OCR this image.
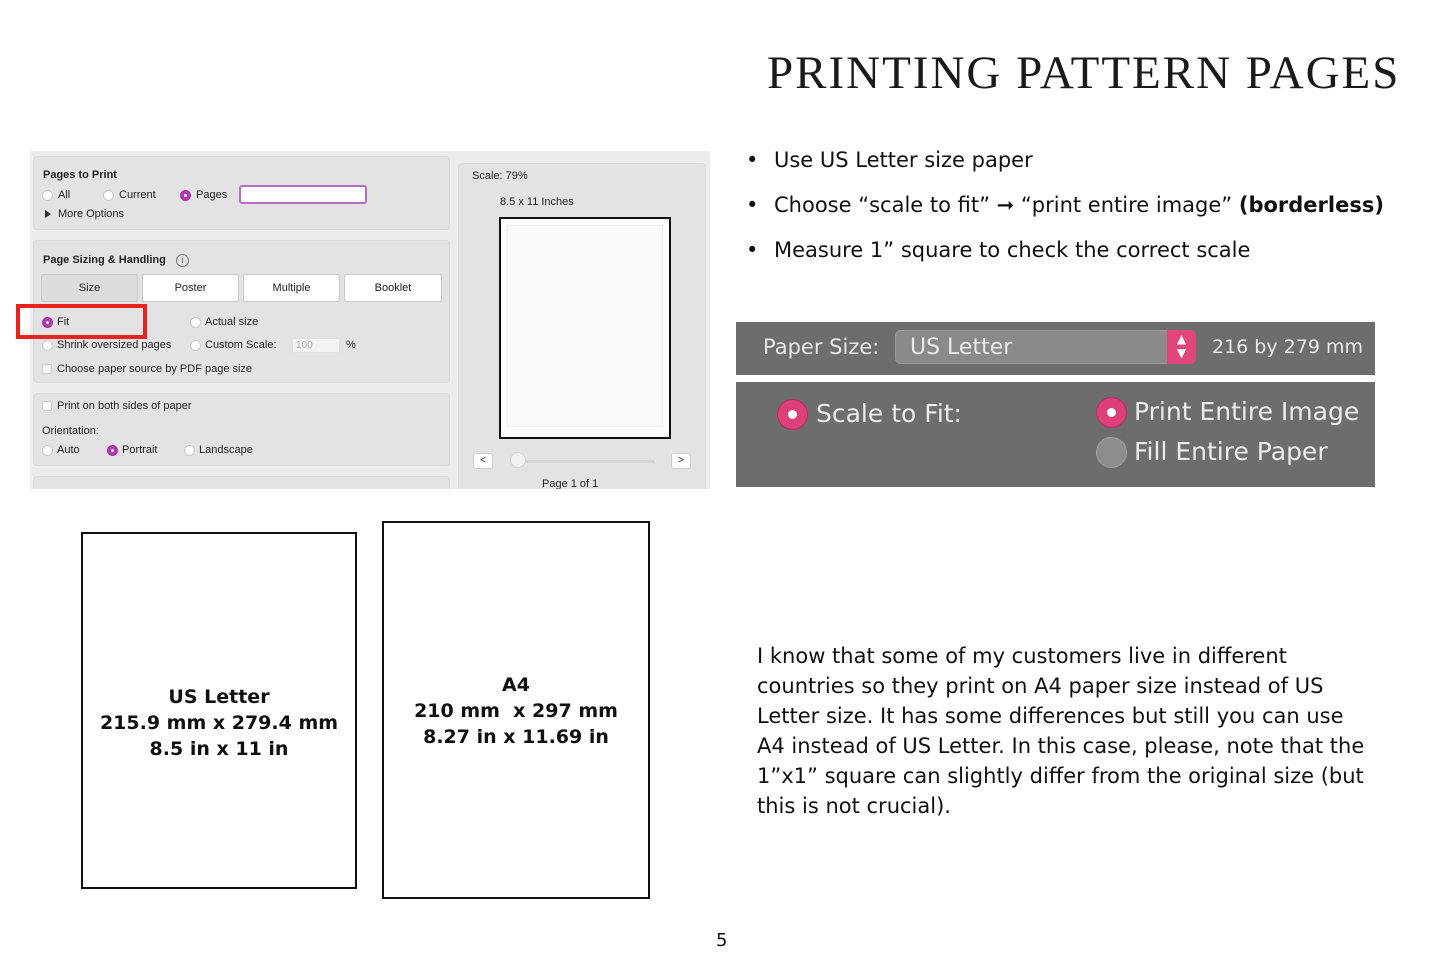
PRINTING PATTERN PAGES
Pages to Print
All	Current	Pages
More Options
Page Sizing & Handling	i
Size	Poster	Multiple	Booklet
Fit	Actual size
Shrink oversized pages	Custom Scale:	100	%
Choose paper source by PDF page size
Print on both sides of paper
Orientation:
Auto	Portrait	Landscape
Scale: 79%
8.5 x 11 Inches
<	>
Page 1 of 1
• Use US Letter size paper
• Choose “scale to fit” ➞ “print entire image” (borderless)
• Measure 1” square to check the correct scale
Paper Size: US Letter	▲
▼	216 by 279 mm
Scale to Fit:	Print Entire Image
Fill Entire Paper
US Letter
215.9 mm x 279.4 mm
8.5 in x 11 in
A4
210 mm  x 297 mm
8.27 in x 11.69 in

I know that some of my customers live in different countries so they print on A4 paper size instead of US Letter size. It has some differences but still you can use A4 instead of US Letter. In this case, please, note that the 1”x1” square can slightly differ from the original size (but this is not crucial).

5
